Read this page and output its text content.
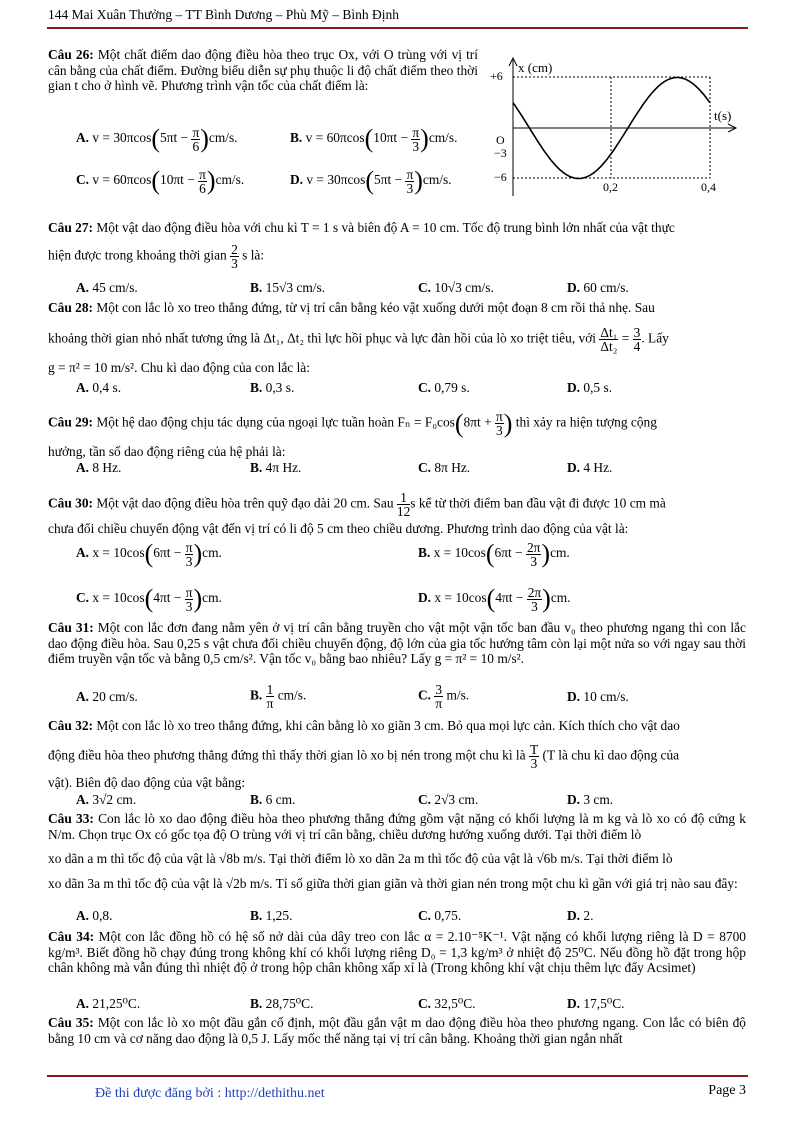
144 Mai Xuân Thưởng – TT Bình Dương – Phù Mỹ – Bình Định
Câu 26: Một chất điểm dao động điều hòa theo trục Ox, với O trùng với vị trí cân bằng của chất điểm. Đường biểu diễn sự phụ thuộc li độ chất điểm theo thời gian t cho ở hình vẽ. Phương trình vận tốc của chất điểm là:
A. $v = 30\pi\cos(5\pi t - \frac{\pi}{6} )cm/s$.	B. $v = 60\pi\cos(10\pi t - \frac{\pi}{3} )cm/s$.
C. $v = 60\pi\cos(10\pi t - \frac{\pi}{6} )cm/s$.	D. $v = 30\pi\cos(5\pi t - \frac{\pi}{3} )cm/s$.
x (cm)
t(s)
O
+6
−3
−6
0,2	0,4
Câu 27: Một vật dao động điều hòa với chu kì T = 1 s và biên độ A = 10 cm. Tốc độ trung bình lớn nhất của vật thực
hiện được trong khoảng thời gian $\frac{2}{3}$ s là:
A. 45 cm/s.	B. 15√3 cm/s.	C. 10√3 cm/s.	D. 60 cm/s.
Câu 28: Một con lắc lò xo treo thẳng đứng, từ vị trí cân bằng kéo vật xuống dưới một đoạn 8 cm rồi thả nhẹ. Sau
khoảng thời gian nhỏ nhất tương ứng là Δt₁, Δt₂ thì lực hồi phục và lực đàn hồi của lò xo triệt tiêu, với $\frac{\text{Δt₁}}{\text{Δt₂}} = \frac{3}{4}$ . Lấy
g = π² = 10 m/s². Chu kì dao động của con lắc là:
A. 0,4 s.	B. 0,3 s.	C. 0,79 s.	D. 0,5 s.
Câu 29: Một hệ dao động chịu tác dụng của ngoại lực tuần hoàn $F_n = F_0\cos(8\pi t + \frac{\pi}{3}$ ) thì xảy ra hiện tượng cộng
hưởng, tần số dao động riêng của hệ phải là:
A. 8 Hz.	B. 4π Hz.	C. 8π Hz.	D. 4 Hz.
Câu 30: Một vật dao động điều hòa trên quỹ đạo dài 20 cm. Sau $\frac{1}{12}$ s kể từ thời điểm ban đầu vật đi được 10 cm mà
chưa đổi chiều chuyển động vật đến vị trí có li độ 5 cm theo chiều dương. Phương trình dao động của vật là:
A. $x = 10\cos(6\pi t - \frac{\pi}{3} )cm$.	B. $x = 10\cos(6\pi t - \frac{2\pi}{3} )cm$.
C. $x = 10\cos(4\pi t - \frac{\pi}{3} )cm$.	D. $x = 10\cos(4\pi t - \frac{2\pi}{3} )cm$.
Câu 31: Một con lắc đơn đang nằm yên ở vị trí cân bằng truyền cho vật một vận tốc ban đầu v₀ theo phương ngang thì con lắc dao động điều hòa. Sau 0,25 s vật chưa đổi chiều chuyển động, độ lớn của gia tốc hướng tâm còn lại một nửa so với ngay sau thời điểm truyền vận tốc và bằng 0,5 cm/s². Vận tốc v₀ bằng bao nhiêu? Lấy g = π² = 10 m/s².
A. 20 cm/s.	B. $\frac{1}{\pi} cm/s$.	C. $\frac{3}{\pi} m/s$.	D. 10 cm/s.
Câu 32: Một con lắc lò xo treo thẳng đứng, khi cân bằng lò xo giãn 3 cm. Bỏ qua mọi lực cản. Kích thích cho vật dao
động điều hòa theo phương thẳng đứng thì thấy thời gian lò xo bị nén trong một chu kì là $\frac{T}{3} (T$ là chu kì dao động của
vật). Biên độ dao động của vật bằng:
A. 3√2 cm.	B. 6 cm.	C. 2√3 cm.	D. 3 cm.
Câu 33: Con lắc lò xo dao động điều hòa theo phương thẳng đứng gồm vật nặng có khối lượng là m kg và lò xo có độ cứng k N/m. Chọn trục Ox có gốc tọa độ O trùng với vị trí cân bằng, chiều dương hướng xuống dưới. Tại thời điểm lò
xo dãn a m thì tốc độ của vật là √8b m/s. Tại thời điểm lò xo dãn 2a m thì tốc độ của vật là √6b m/s. Tại thời điểm lò
xo dãn 3a m thì tốc độ của vật là √2b m/s. Tỉ số giữa thời gian giãn và thời gian nén trong một chu kì gần với giá trị nào sau đây:
A. 0,8.	B. 1,25.	C. 0,75.	D. 2.
Câu 34: Một con lắc đồng hồ có hệ số nở dài của dây treo con lắc α = 2.10⁻⁵K⁻¹. Vật nặng có khối lượng riêng là D = 8700 kg/m³. Biết đồng hồ chạy đúng trong không khí có khối lượng riêng D₀ = 1,3 kg/m³ ở nhiệt độ 25⁰C. Nếu đồng hồ đặt trong hộp chân không mà vẫn đúng thì nhiệt độ ở trong hộp chân không xấp xỉ là (Trong không khí vật chịu thêm lực đẩy Acsimet)
A. 21,25⁰C.	B. 28,75⁰C.	C. 32,5⁰C.	D. 17,5⁰C.
Câu 35: Một con lắc lò xo một đầu gắn cố định, một đầu gắn vật m dao động điều hòa theo phương ngang. Con lắc có biên độ bằng 10 cm và cơ năng dao động là 0,5 J. Lấy mốc thế năng tại vị trí cân bằng. Khoảng thời gian ngắn nhất
Đề thi được đăng bởi : http://dethithu.net	Page 3
